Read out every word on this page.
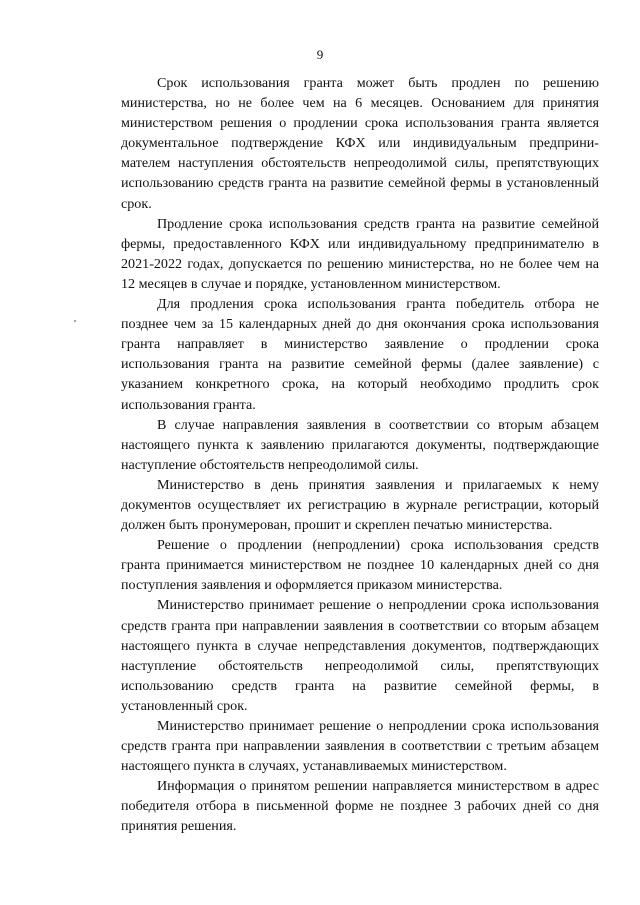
9
Срок использования гранта может быть продлен по решению
министерства, но не более чем на 6 месяцев. Основанием для принятия
министерством решения о продлении срока использования гранта является
документальное подтверждение КФХ или индивидуальным предприни-
мателем наступления обстоятельств непреодолимой силы, препятствующих
использованию средств гранта на развитие семейной фермы в установленный
срок.
Продление срока использования средств гранта на развитие семейной
фермы, предоставленного КФХ или индивидуальному предпринимателю в
2021-2022 годах, допускается по решению министерства, но не более чем на
12 месяцев в случае и порядке, установленном министерством.
Для продления срока использования гранта победитель отбора не
позднее чем за 15 календарных дней до дня окончания срока использования
гранта направляет в министерство заявление о продлении срока
использования гранта на развитие семейной фермы (далее заявление) с
указанием конкретного срока, на который необходимо продлить срок
использования гранта.
В случае направления заявления в соответствии со вторым абзацем
настоящего пункта к заявлению прилагаются документы, подтверждающие
наступление обстоятельств непреодолимой силы.
Министерство в день принятия заявления и прилагаемых к нему
документов осуществляет их регистрацию в журнале регистрации, который
должен быть пронумерован, прошит и скреплен печатью министерства.
Решение о продлении (непродлении) срока использования средств
гранта принимается министерством не позднее 10 календарных дней со дня
поступления заявления и оформляется приказом министерства.
Министерство принимает решение о непродлении срока использования
средств гранта при направлении заявления в соответствии со вторым абзацем
настоящего пункта в случае непредставления документов, подтверждающих
наступление обстоятельств непреодолимой силы, препятствующих
использованию средств гранта на развитие семейной фермы, в
установленный срок.
Министерство принимает решение о непродлении срока использования
средств гранта при направлении заявления в соответствии с третьим абзацем
настоящего пункта в случаях, устанавливаемых министерством.
Информация о принятом решении направляется министерством в адрес
победителя отбора в письменной форме не позднее 3 рабочих дней со дня
принятия решения.
